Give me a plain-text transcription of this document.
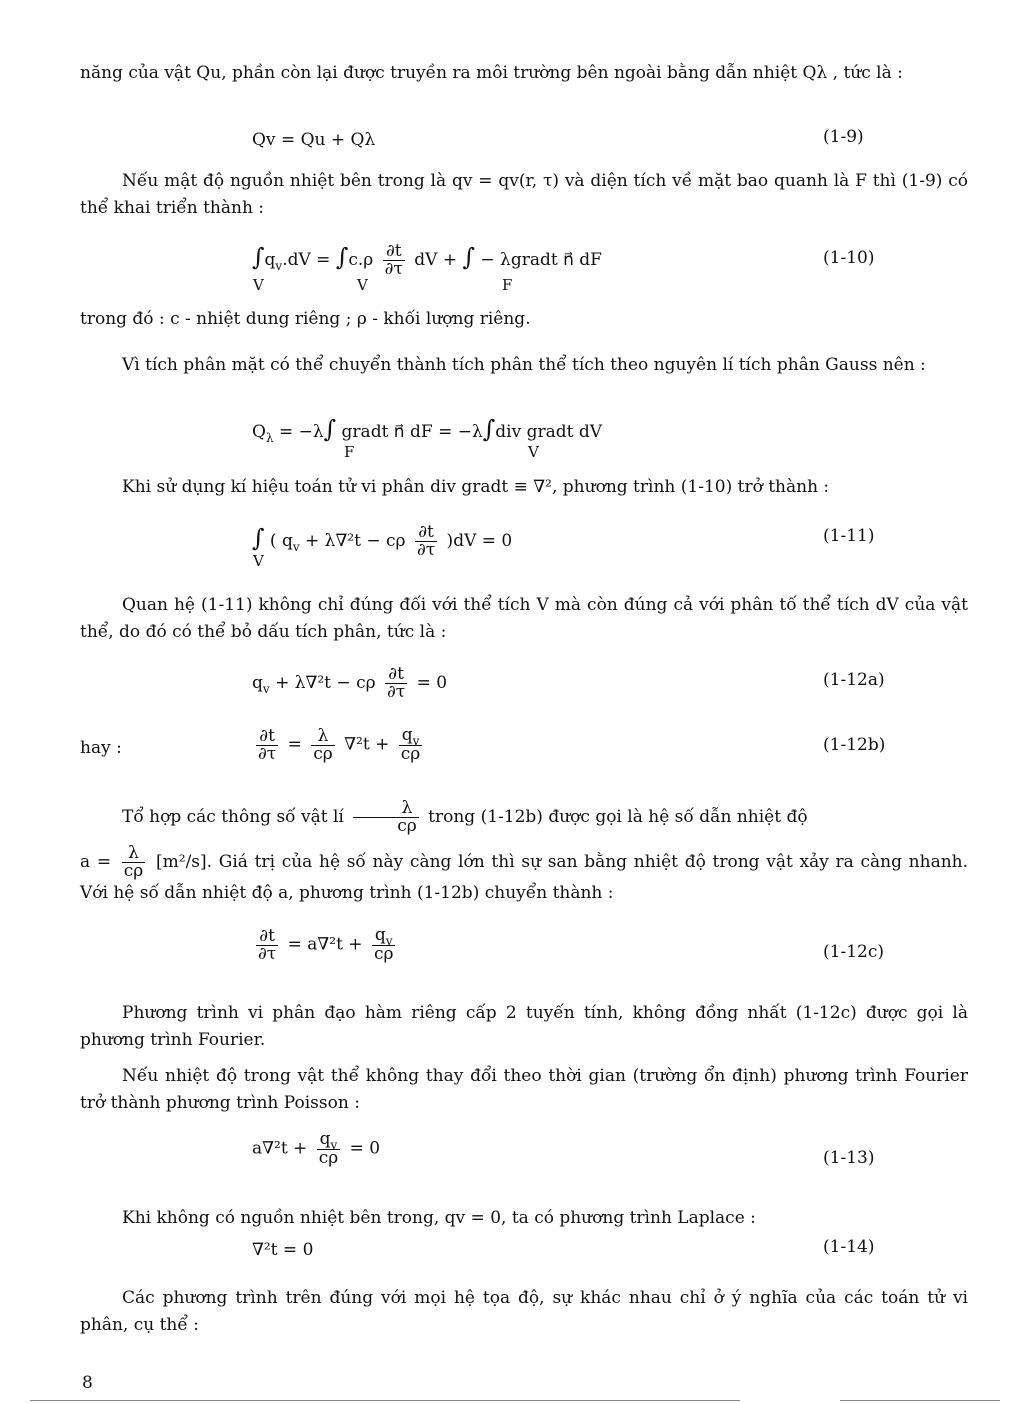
năng của vật Qu, phần còn lại được truyền ra môi trường bên ngoài bằng dẫn nhiệt Qλ , tức là :
Qv = Qu + Qλ	(1-9)
Nếu mật độ nguồn nhiệt bên trong là qv = qv(r, τ) và diện tích về mặt bao quanh là F thì (1-9) có thể khai triển thành :
$\int q_v.dV = \int c.\rho \frac{\partial t}{\partial\tau}$ dV + ∫ − λgradt n⃗ dF
V	V	F
(1-10)
trong đó : c - nhiệt dung riêng ; ρ - khối lượng riêng.
Vì tích phân mặt có thể chuyển thành tích phân thể tích theo nguyên lí tích phân Gauss nên :
$Q_\lambda = -\lambda\int$ gradt n⃗ dF = −λ∫div gradt dV
F	V
Khi sử dụng kí hiệu toán tử vi phân div gradt ≡ ∇², phương trình (1-10) trở thành :
∫ ( $q_v + \lambda\nabla^2t - c\rho \frac{\partial t}{\partial\tau} )dV = 0$
V
(1-11)
Quan hệ (1-11) không chỉ đúng đối với thể tích V mà còn đúng cả với phân tố thể tích dV của vật thể, do đó có thể bỏ dấu tích phân, tức là :
$q_v + \lambda\nabla^2t - c\rho \frac{\partial t}{\partial\tau} = 0$	(1-12a)
hay :	$\frac{\partial t}{\partial\tau} = \frac{\lambda}{c\rho} \nabla^2t + \frac{q_v}{c\rho}$	(1-12b)
Tổ hợp các thông số vật lí $\frac{\lambda}{c\rho}$ trong (1-12b) được gọi là hệ số dẫn nhiệt độ
$a = \frac{\lambda}{c\rho} [m^2/s]$. Giá trị của hệ số này càng lớn thì sự san bằng nhiệt độ trong vật xảy ra càng nhanh. Với hệ số dẫn nhiệt độ a, phương trình (1-12b) chuyển thành :
$\frac{\partial t}{\partial\tau} = a\nabla^2t + \frac{q_v}{c\rho}$	(1-12c)
Phương trình vi phân đạo hàm riêng cấp 2 tuyến tính, không đồng nhất (1-12c) được gọi là phương trình Fourier.
Nếu nhiệt độ trong vật thể không thay đổi theo thời gian (trường ổn định) phương trình Fourier trở thành phương trình Poisson :
$a\nabla^2t + \frac{q_v}{c\rho} = 0$	(1-13)
Khi không có nguồn nhiệt bên trong, qv = 0, ta có phương trình Laplace :
∇²t = 0	(1-14)
Các phương trình trên đúng với mọi hệ tọa độ, sự khác nhau chỉ ở ý nghĩa của các toán tử vi phân, cụ thể :
8
